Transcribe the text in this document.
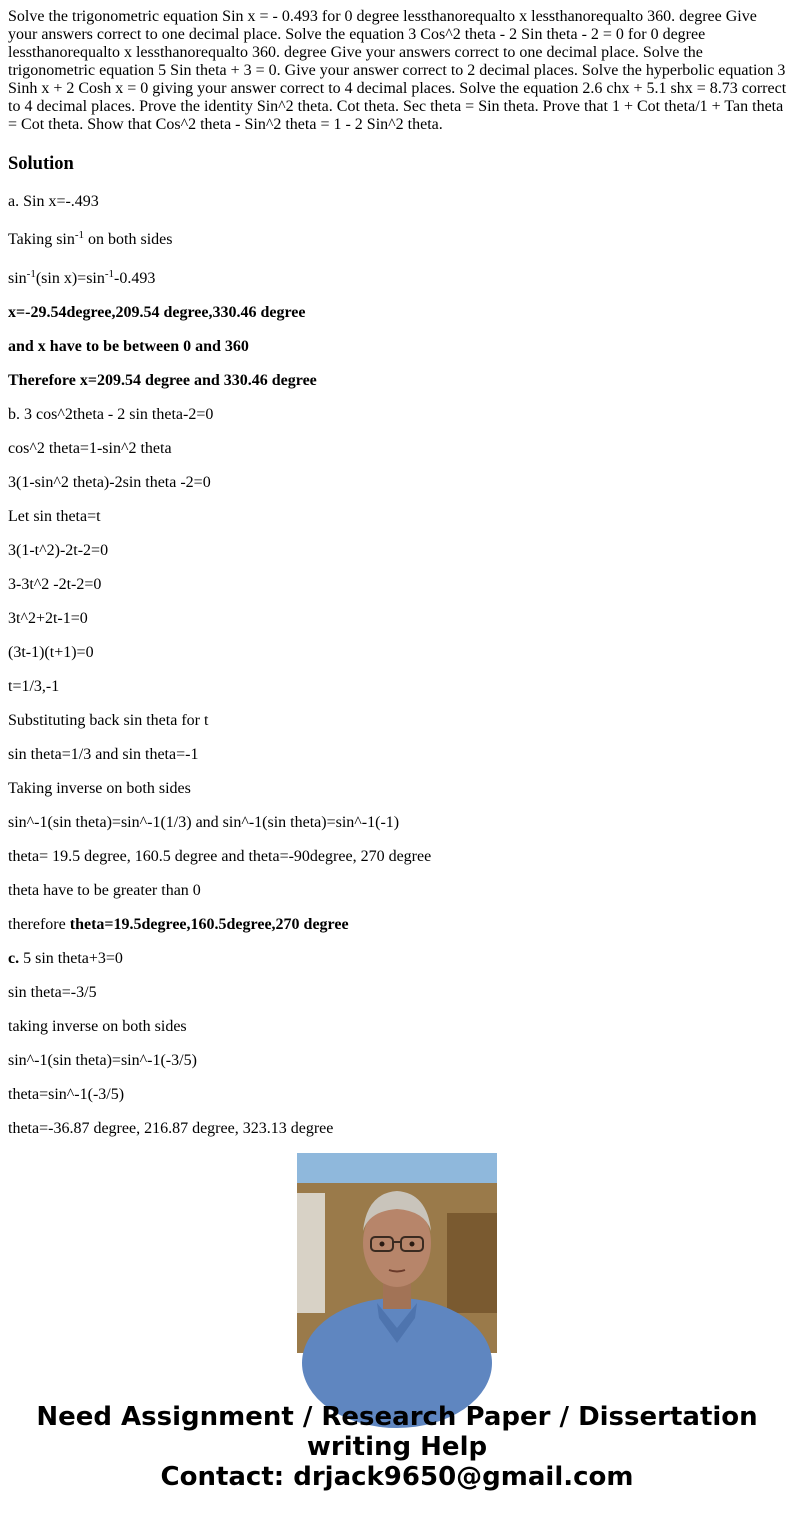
Solve the trigonometric equation Sin x = - 0.493 for 0 degree lessthanorequalto x lessthanorequalto 360. degree Give your answers correct to one decimal place. Solve the equation 3 Cos^2 theta - 2 Sin theta - 2 = 0 for 0 degree lessthanorequalto x lessthanorequalto 360. degree Give your answers correct to one decimal place. Solve the trigonometric equation 5 Sin theta + 3 = 0. Give your answer correct to 2 decimal places. Solve the hyperbolic equation 3 Sinh x + 2 Cosh x = 0 giving your answer correct to 4 decimal places. Solve the equation 2.6 chx + 5.1 shx = 8.73 correct to 4 decimal places. Prove the identity Sin^2 theta. Cot theta. Sec theta = Sin theta. Prove that 1 + Cot theta/1 + Tan theta = Cot theta. Show that Cos^2 theta - Sin^2 theta = 1 - 2 Sin^2 theta.
Solution
a. Sin x=-.493
Taking $\sin^{-1}$ on both sides
$\sin^{-1}(\sin$ $x)=\sin^{-1}-0.493$
x=-29.54degree,209.54 degree,330.46 degree
and x have to be between 0 and 360
Therefore x=209.54 degree and 330.46 degree
b. 3 cos^2theta - 2 sin theta-2=0
cos^2 theta=1-sin^2 theta
3(1-sin^2 theta)-2sin theta -2=0
Let sin theta=t
3(1-t^2)-2t-2=0
3-3t^2 -2t-2=0
3t^2+2t-1=0
(3t-1)(t+1)=0
t=1/3,-1
Substituting back sin theta for t
sin theta=1/3 and sin theta=-1
Taking inverse on both sides
sin^-1(sin theta)=sin^-1(1/3) and sin^-1(sin theta)=sin^-1(-1)
theta= 19.5 degree, 160.5 degree and theta=-90degree, 270 degree
theta have to be greater than 0
therefore theta=19.5degree,160.5degree,270 degree
c. 5 sin theta+3=0
sin theta=-3/5
taking inverse on both sides
sin^-1(sin theta)=sin^-1(-3/5)
theta=sin^-1(-3/5)
theta=-36.87 degree, 216.87 degree, 323.13 degree
Need Assignment / Research Paper / Dissertation
writing Help
Contact: drjack9650@gmail.com
